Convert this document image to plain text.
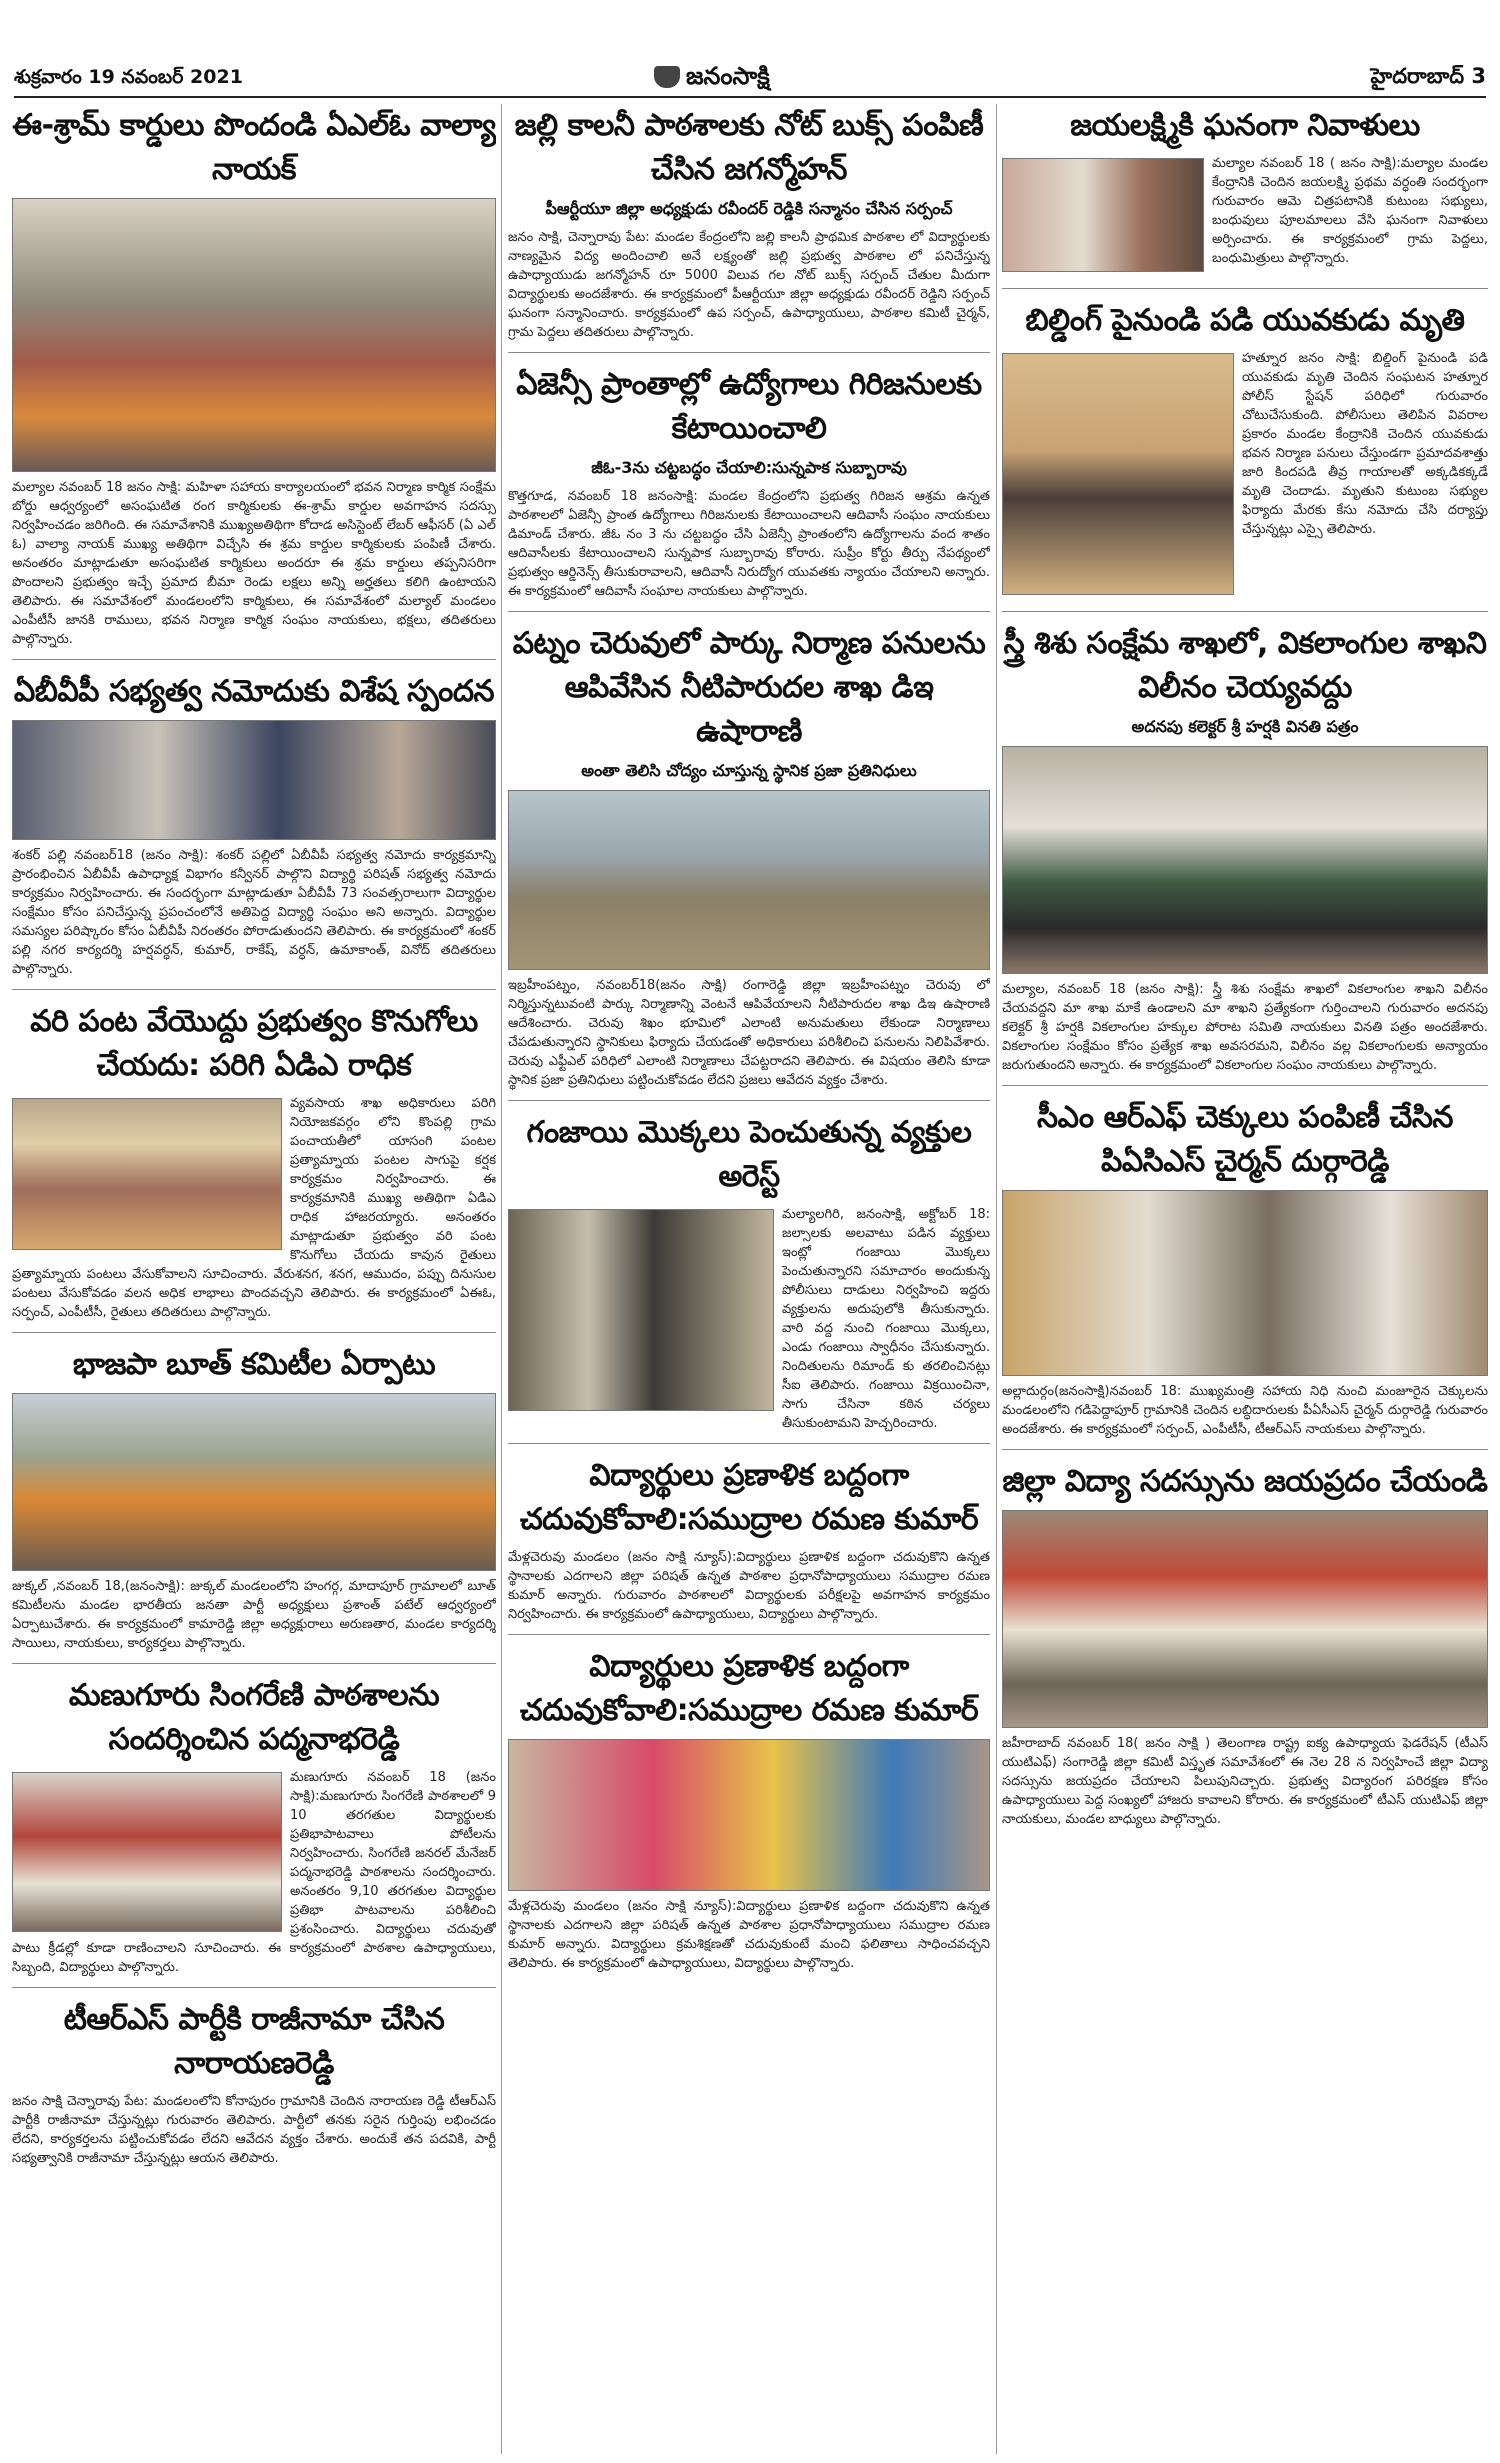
శుక్రవారం 19 నవంబర్ 2021	జనంసాక్షి	హైదరాబాద్ 3
ఈ-శ్రామ్ కార్డులు పొందండి ఏఎల్ఓ వాల్యా నాయక్

మల్యాల నవంబర్ 18 జనం సాక్షి: మహిళా సహాయ కార్యాలయంలో భవన నిర్మాణ కార్మిక సంక్షేమ బోర్డు ఆధ్వర్యంలో అసంఘటిత రంగ కార్మికులకు ఈ-శ్రామ్ కార్డుల అవగాహన సదస్సు నిర్వహించడం జరిగింది. ఈ సమావేశానికి ముఖ్యఅతిథిగా కోదాడ అసిస్టెంట్ లేబర్ ఆఫీసర్ (ఏ ఎల్ ఓ) వాల్యా నాయక్ ముఖ్య అతిథిగా విచ్చేసి ఈ శ్రమ కార్డుల కార్మికులకు పంపిణీ చేశారు. అనంతరం మాట్లాడుతూ అసంఘటిత కార్మికులు అందరూ ఈ శ్రమ కార్డులు తప్పనిసరిగా పొందాలని ప్రభుత్వం ఇచ్చే ప్రమాద బీమా రెండు లక్షలు అన్ని అర్హతలు కలిగి ఉంటాయని తెలిపారు. ఈ సమావేశంలో మండలంలోని కార్మికులు, ఈ సమావేశంలో మల్యాల్ మండలం ఎంపీటీసీ జానకి రాములు, భవన నిర్మాణ కార్మిక సంఘం నాయకులు, భక్షలు, తదితరులు పాల్గొన్నారు.

ఏబీవీపీ సభ్యత్వ నమోదుకు విశేష స్పందన

శంకర్ పల్లి నవంబర్18 (జనం సాక్షి): శంకర్ పల్లిలో ఏబీవీపీ సభ్యత్వ నమోదు కార్యక్రమాన్ని ప్రారంభించిన ఏబీవీపీ ఉపాధ్యాక్ష విభాగం కన్వీనర్ పాల్గొని విద్యార్థి పరిషత్ సభ్యత్వ నమోదు కార్యక్రమం నిర్వహించారు. ఈ సందర్భంగా మాట్లాడుతూ ఏబీవీపీ 73 సంవత్సరాలుగా విద్యార్థుల సంక్షేమం కోసం పనిచేస్తున్న ప్రపంచంలోనే అతిపెద్ద విద్యార్థి సంఘం అని అన్నారు. విద్యార్థుల సమస్యల పరిష్కారం కోసం ఏబీవీపీ నిరంతరం పోరాడుతుందని తెలిపారు. ఈ కార్యక్రమంలో శంకర్ పల్లి నగర కార్యదర్శి హర్షవర్ధన్, కుమార్, రాకేష్, వర్ధన్, ఉమాకాంత్, వినోద్ తదితరులు పాల్గొన్నారు.

వరి పంట వేయొద్దు ప్రభుత్వం కొనుగోలు చేయదు: పరిగి ఏడిఎ రాధిక

వ్యవసాయ శాఖ అధికారులు పరిగి నియోజకవర్గం లోని కొంపల్లి గ్రామ పంచాయతీలో యాసంగి పంటల ప్రత్యామ్నాయ పంటల సాగుపై కర్షక కార్యక్రమం నిర్వహించారు. ఈ కార్యక్రమానికి ముఖ్య అతిథిగా ఏడిఎ రాధిక హాజరయ్యారు. అనంతరం మాట్లాడుతూ ప్రభుత్వం వరి పంట కొనుగోలు చేయదు కావున రైతులు ప్రత్యామ్నాయ పంటలు వేసుకోవాలని సూచించారు. వేరుశనగ, శనగ, ఆముదం, పప్పు దినుసుల పంటలు వేసుకోవడం వలన అధిక లాభాలు పొందవచ్చని తెలిపారు. ఈ కార్యక్రమంలో ఏఈఓ, సర్పంచ్, ఎంపీటీసీ, రైతులు తదితరులు పాల్గొన్నారు.

భాజపా బూత్ కమిటీల ఏర్పాటు

జుక్కల్ ,నవంబర్ 18,(జనంసాక్షి): జుక్కల్ మండలంలోని హంగర్గ, మాదాపూర్ గ్రామాలలో బూత్ కమిటీలను మండల భారతీయ జనతా పార్టీ అధ్యక్షులు ప్రశాంత్ పటేల్ ఆధ్వర్యంలో ఏర్పాటుచేశారు. ఈ కార్యక్రమంలో కామారెడ్డి జిల్లా అధ్యక్షురాలు అరుణతార, మండల కార్యదర్శి సాయిలు, నాయకులు, కార్యకర్తలు పాల్గొన్నారు.

మణుగూరు సింగరేణి పాఠశాలను సందర్శించిన పద్మనాభరెడ్డి

మణుగూరు నవంబర్ 18 (జనం సాక్షి):మణుగూరు సింగరేణి పాఠశాలలో 9 10 తరగతుల విద్యార్థులకు ప్రతిభాపాటవాలు పోటీలను నిర్వహించారు. సింగరేణి జనరల్ మేనేజర్ పద్మనాభరెడ్డి పాఠశాలను సందర్శించారు. అనంతరం 9,10 తరగతుల విద్యార్థుల ప్రతిభా పాటవాలను పరిశీలించి ప్రశంసించారు. విద్యార్థులు చదువుతో పాటు క్రీడల్లో కూడా రాణించాలని సూచించారు. ఈ కార్యక్రమంలో పాఠశాల ఉపాధ్యాయులు, సిబ్బంది, విద్యార్థులు పాల్గొన్నారు.

టీఆర్ఎస్ పార్టీకి రాజీనామా చేసిన నారాయణరెడ్డి

జనం సాక్షి చెన్నారావు పేట: మండలంలోని కోనాపురం గ్రామానికి చెందిన నారాయణ రెడ్డి టీఆర్ఎస్ పార్టీకి రాజీనామా చేస్తున్నట్లు గురువారం తెలిపారు. పార్టీలో తనకు సరైన గుర్తింపు లభించడం లేదని, కార్యకర్తలను పట్టించుకోవడం లేదని ఆవేదన వ్యక్తం చేశారు. అందుకే తన పదవికి, పార్టీ సభ్యత్వానికి రాజీనామా చేస్తున్నట్లు ఆయన తెలిపారు.

జల్లి కాలనీ పాఠశాలకు నోట్ బుక్స్ పంపిణీ చేసిన జగన్మోహన్
పీఆర్టీయూ జిల్లా అధ్యక్షుడు రవీందర్ రెడ్డికి సన్మానం చేసిన సర్పంచ్

జనం సాక్షి, చెన్నారావు పేట: మండల కేంద్రంలోని జల్లి కాలనీ ప్రాథమిక పాఠశాల లో విద్యార్థులకు నాణ్యమైన విద్య అందించాలి అనే లక్ష్యంతో జల్లి ప్రభుత్వ పాఠశాల లో పనిచేస్తున్న ఉపాధ్యాయుడు జగన్మోహన్ రూ 5000 విలువ గల నోట్ బుక్స్ సర్పంచ్ చేతుల మీదుగా విద్యార్థులకు అందజేశారు. ఈ కార్యక్రమంలో పీఆర్టీయూ జిల్లా అధ్యక్షుడు రవీందర్ రెడ్డిని సర్పంచ్ ఘనంగా సన్మానించారు. కార్యక్రమంలో ఉప సర్పంచ్, ఉపాధ్యాయులు, పాఠశాల కమిటీ చైర్మన్, గ్రామ పెద్దలు తదితరులు పాల్గొన్నారు.

ఏజెన్సీ ప్రాంతాల్లో ఉద్యోగాలు గిరిజనులకు కేటాయించాలి
జీఓ-3ను చట్టబద్ధం చేయాలి:సున్నపాక సుబ్బారావు

కొత్తగూడ, నవంబర్ 18 జనంసాక్షి: మండల కేంద్రంలోని ప్రభుత్వ గిరిజన ఆశ్రమ ఉన్నత పాఠశాలలో ఏజెన్సీ ప్రాంత ఉద్యోగాలు గిరిజనులకు కేటాయించాలని ఆదివాసీ సంఘం నాయకులు డిమాండ్ చేశారు. జీఓ నం 3 ను చట్టబద్ధం చేసి ఏజెన్సీ ప్రాంతంలోని ఉద్యోగాలను వంద శాతం ఆదివాసీలకు కేటాయించాలని సున్నపాక సుబ్బారావు కోరారు. సుప్రీం కోర్టు తీర్పు నేపథ్యంలో ప్రభుత్వం ఆర్డినెన్స్ తీసుకురావాలని, ఆదివాసీ నిరుద్యోగ యువతకు న్యాయం చేయాలని అన్నారు. ఈ కార్యక్రమంలో ఆదివాసీ సంఘాల నాయకులు పాల్గొన్నారు.

పట్నం చెరువులో పార్కు నిర్మాణ పనులను ఆపివేసిన నీటిపారుదల శాఖ డిఇ ఉషారాణి
అంతా తెలిసి చోద్యం చూస్తున్న స్థానిక ప్రజా ప్రతినిధులు

ఇబ్రహీంపట్నం, నవంబర్18(జనం సాక్షి) రంగారెడ్డి జిల్లా ఇబ్రహీంపట్నం చెరువు లో నిర్మిస్తున్నటువంటి పార్కు నిర్మాణాన్ని వెంటనే ఆపివేయాలని నీటిపారుదల శాఖ డిఇ ఉషారాణి ఆదేశించారు. చెరువు శిఖం భూమిలో ఎలాంటి అనుమతులు లేకుండా నిర్మాణాలు చేపడుతున్నారని స్థానికులు ఫిర్యాదు చేయడంతో అధికారులు పరిశీలించి పనులను నిలిపివేశారు. చెరువు ఎఫ్టీఎల్ పరిధిలో ఎలాంటి నిర్మాణాలు చేపట్టరాదని తెలిపారు. ఈ విషయం తెలిసి కూడా స్థానిక ప్రజా ప్రతినిధులు పట్టించుకోవడం లేదని ప్రజలు ఆవేదన వ్యక్తం చేశారు.

గంజాయి మొక్కలు పెంచుతున్న వ్యక్తుల అరెస్ట్

మల్యాలగిరి, జనంసాక్షి, అక్టోబర్ 18: జల్సాలకు అలవాటు పడిన వ్యక్తులు ఇంట్లో గంజాయి మొక్కలు పెంచుతున్నారని సమాచారం అందుకున్న పోలీసులు దాడులు నిర్వహించి ఇద్దరు వ్యక్తులను అదుపులోకి తీసుకున్నారు. వారి వద్ద నుంచి గంజాయి మొక్కలు, ఎండు గంజాయి స్వాధీనం చేసుకున్నారు. నిందితులను రిమాండ్ కు తరలించినట్లు సీఐ తెలిపారు. గంజాయి విక్రయించినా, సాగు చేసినా కఠిన చర్యలు తీసుకుంటామని హెచ్చరించారు.

విద్యార్థులు ప్రణాళిక బద్దంగా చదువుకోవాలి:సముద్రాల రమణ కుమార్

మేళ్లచెరువు మండలం (జనం సాక్షి న్యూస్):విద్యార్థులు ప్రణాళిక బద్దంగా చదువుకొని ఉన్నత స్థానాలకు ఎదగాలని జిల్లా పరిషత్ ఉన్నత పాఠశాల ప్రధానోపాధ్యాయులు సముద్రాల రమణ కుమార్ అన్నారు. గురువారం పాఠశాలలో విద్యార్థులకు పరీక్షలపై అవగాహన కార్యక్రమం నిర్వహించారు. ఈ కార్యక్రమంలో ఉపాధ్యాయులు, విద్యార్థులు పాల్గొన్నారు.

విద్యార్థులు ప్రణాళిక బద్దంగా చదువుకోవాలి:సముద్రాల రమణ కుమార్

మేళ్లచెరువు మండలం (జనం సాక్షి న్యూస్):విద్యార్థులు ప్రణాళిక బద్దంగా చదువుకొని ఉన్నత స్థానాలకు ఎదగాలని జిల్లా పరిషత్ ఉన్నత పాఠశాల ప్రధానోపాధ్యాయులు సముద్రాల రమణ కుమార్ అన్నారు. విద్యార్థులు క్రమశిక్షణతో చదువుకుంటే మంచి ఫలితాలు సాధించవచ్చని తెలిపారు. ఈ కార్యక్రమంలో ఉపాధ్యాయులు, విద్యార్థులు పాల్గొన్నారు.

జయలక్ష్మికి ఘనంగా నివాళులు

మల్యాల నవంబర్ 18 ( జనం సాక్షి):మల్యాల మండల కేంద్రానికి చెందిన జయలక్ష్మి ప్రథమ వర్ధంతి సందర్భంగా గురువారం ఆమె చిత్రపటానికి కుటుంబ సభ్యులు, బంధువులు పూలమాలలు వేసి ఘనంగా నివాళులు అర్పించారు. ఈ కార్యక్రమంలో గ్రామ పెద్దలు, బంధుమిత్రులు పాల్గొన్నారు.

బిల్డింగ్ పైనుండి పడి యువకుడు మృతి

హత్నూర జనం సాక్షి: బిల్డింగ్ పైనుండి పడి యువకుడు మృతి చెందిన సంఘటన హత్నూర పోలీస్ స్టేషన్ పరిధిలో గురువారం చోటుచేసుకుంది. పోలీసులు తెలిపిన వివరాల ప్రకారం మండల కేంద్రానికి చెందిన యువకుడు భవన నిర్మాణ పనులు చేస్తుండగా ప్రమాదవశాత్తు జారి కిందపడి తీవ్ర గాయాలతో అక్కడికక్కడే మృతి చెందాడు. మృతుని కుటుంబ సభ్యుల ఫిర్యాదు మేరకు కేసు నమోదు చేసి దర్యాప్తు చేస్తున్నట్లు ఎస్సై తెలిపారు.

స్త్రీ శిశు సంక్షేమ శాఖలో, వికలాంగుల శాఖని విలీనం చెయ్యవద్దు
అదనపు కలెక్టర్ శ్రీ హర్షకి వినతి పత్రం

మల్యాల, నవంబర్ 18 (జనం సాక్షి): స్త్రీ శిశు సంక్షేమ శాఖలో వికలాంగుల శాఖని విలీనం చేయవద్దని మా శాఖ మాకే ఉండాలని మా శాఖని ప్రత్యేకంగా గుర్తించాలని గురువారం అదనపు కలెక్టర్ శ్రీ హర్షకి వికలాంగుల హక్కుల పోరాట సమితి నాయకులు వినతి పత్రం అందజేశారు. వికలాంగుల సంక్షేమం కోసం ప్రత్యేక శాఖ అవసరమని, విలీనం వల్ల వికలాంగులకు అన్యాయం జరుగుతుందని అన్నారు. ఈ కార్యక్రమంలో వికలాంగుల సంఘం నాయకులు పాల్గొన్నారు.

సీఎం ఆర్ఎఫ్ చెక్కులు పంపిణీ చేసిన పిఏసిఎస్ చైర్మన్ దుర్గారెడ్డి

అల్లాదుర్గం(జనంసాక్షి)నవంబర్ 18: ముఖ్యమంత్రి సహాయ నిధి నుంచి మంజూరైన చెక్కులను మండలంలోని గడిపెద్దాపూర్ గ్రామానికి చెందిన లబ్ధిదారులకు పీఏసీఎస్ చైర్మన్ దుర్గారెడ్డి గురువారం అందజేశారు. ఈ కార్యక్రమంలో సర్పంచ్, ఎంపీటీసీ, టీఆర్ఎస్ నాయకులు పాల్గొన్నారు.

జిల్లా విద్యా సదస్సును జయప్రదం చేయండి

జహీరాబాద్ నవంబర్ 18( జనం సాక్షి ) తెలంగాణ రాష్ట్ర ఐక్య ఉపాధ్యాయ ఫెడరేషన్ (టీఎస్ యుటిఎఫ్) సంగారెడ్డి జిల్లా కమిటీ విస్తృత సమావేశంలో ఈ నెల 28 న నిర్వహించే జిల్లా విద్యా సదస్సును జయప్రదం చేయాలని పిలుపునిచ్చారు. ప్రభుత్వ విద్యారంగ పరిరక్షణ కోసం ఉపాధ్యాయులు పెద్ద సంఖ్యలో హాజరు కావాలని కోరారు. ఈ కార్యక్రమంలో టీఎస్ యుటిఎఫ్ జిల్లా నాయకులు, మండల బాధ్యులు పాల్గొన్నారు.
